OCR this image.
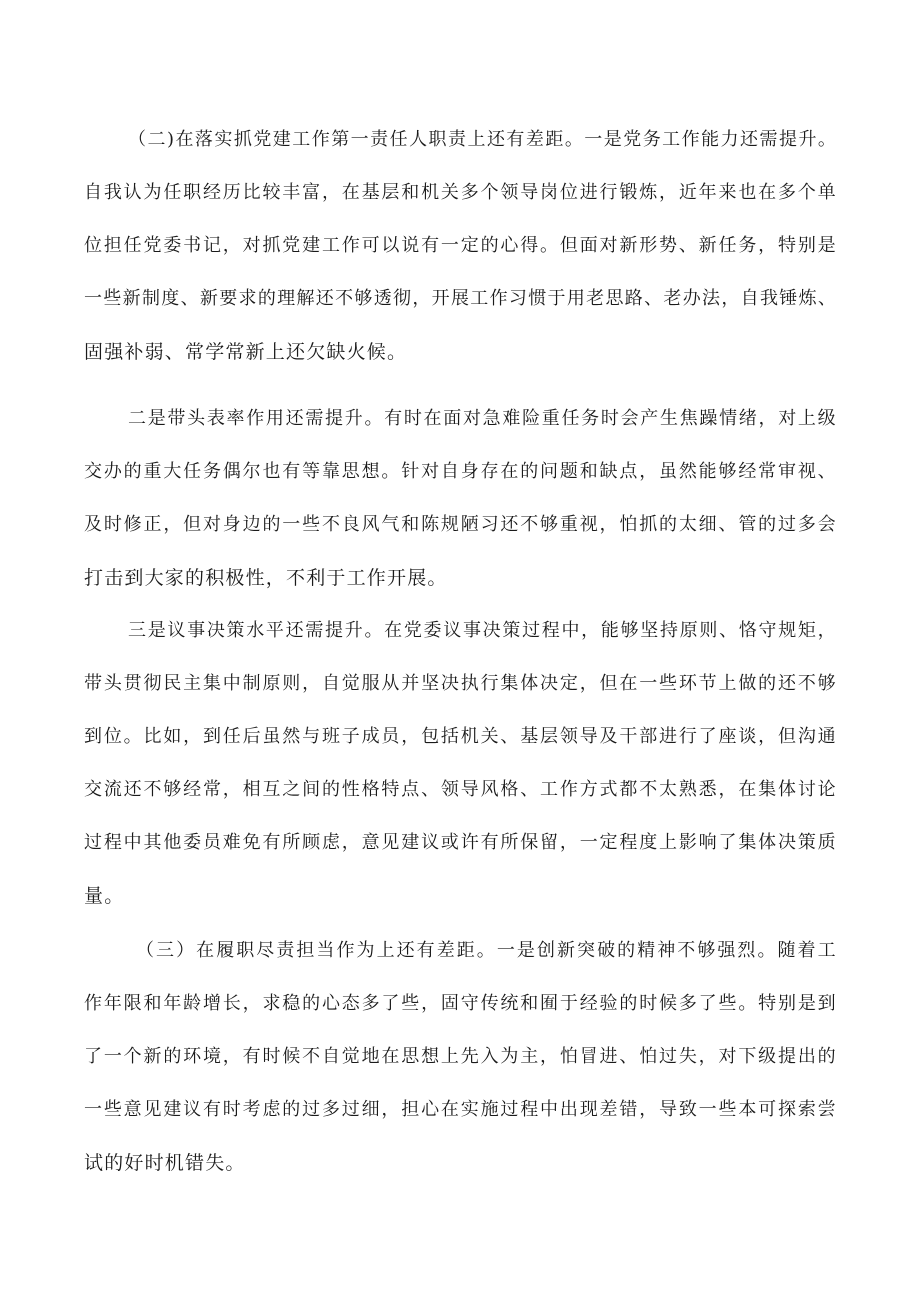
（ 二 ) 在 落 实 抓 党 建 工 作 第 一 责 任 人 职 责 上 还 有 差 距 。 一 是 党 务 工 作 能 力 还 需 提 升 。
自 我 认 为 任 职 经 历 比 较 丰 富 ， 在 基 层 和 机 关 多 个 领 导 岗 位 进 行 锻 炼 ， 近 年 来 也 在 多 个 单
位 担 任 党 委 书 记 ， 对 抓 党 建 工 作 可 以 说 有 一 定 的 心 得 。 但 面 对 新 形 势 、 新 任 务 ， 特 别 是
一 些 新 制 度 、 新 要 求 的 理 解 还 不 够 透 彻 ， 开 展 工 作 习 惯 于 用 老 思 路 、 老 办 法 ， 自 我 锤 炼 、
固强补弱、常学常新上还欠缺火候。
二 是 带 头 表 率 作 用 还 需 提 升 。 有 时 在 面 对 急 难 险 重 任 务 时 会 产 生 焦 躁 情 绪 ， 对 上 级
交 办 的 重 大 任 务 偶 尔 也 有 等 靠 思 想 。 针 对 自 身 存 在 的 问 题 和 缺 点 ， 虽 然 能 够 经 常 审 视 、
及 时 修 正 ， 但 对 身 边 的 一 些 不 良 风 气 和 陈 规 陋 习 还 不 够 重 视 ， 怕 抓 的 太 细 、 管 的 过 多 会
打击到大家的积极性，不利于工作开展。
三 是 议 事 决 策 水 平 还 需 提 升 。 在 党 委 议 事 决 策 过 程 中 ， 能 够 坚 持 原 则 、 恪 守 规 矩 ，
带 头 贯 彻 民 主 集 中 制 原 则 ， 自 觉 服 从 并 坚 决 执 行 集 体 决 定 ， 但 在 一 些 环 节 上 做 的 还 不 够
到 位 。 比 如 ， 到 任 后 虽 然 与 班 子 成 员 ， 包 括 机 关 、 基 层 领 导 及 干 部 进 行 了 座 谈 ， 但 沟 通
交 流 还 不 够 经 常 ， 相 互 之 间 的 性 格 特 点 、 领 导 风 格 、 工 作 方 式 都 不 太 熟 悉 ， 在 集 体 讨 论
过 程 中 其 他 委 员 难 免 有 所 顾 虑 ， 意 见 建 议 或 许 有 所 保 留 ， 一 定 程 度 上 影 响 了 集 体 决 策 质
量。
（ 三 ） 在 履 职 尽 责 担 当 作 为 上 还 有 差 距 。 一 是 创 新 突 破 的 精 神 不 够 强 烈 。 随 着 工
作 年 限 和 年 龄 增 长 ， 求 稳 的 心 态 多 了 些 ， 固 守 传 统 和 囿 于 经 验 的 时 候 多 了 些 。 特 别 是 到
了 一 个 新 的 环 境 ， 有 时 候 不 自 觉 地 在 思 想 上 先 入 为 主 ， 怕 冒 进 、 怕 过 失 ， 对 下 级 提 出 的
一 些 意 见 建 议 有 时 考 虑 的 过 多 过 细 ， 担 心 在 实 施 过 程 中 出 现 差 错 ， 导 致 一 些 本 可 探 索 尝
试的好时机错失。
